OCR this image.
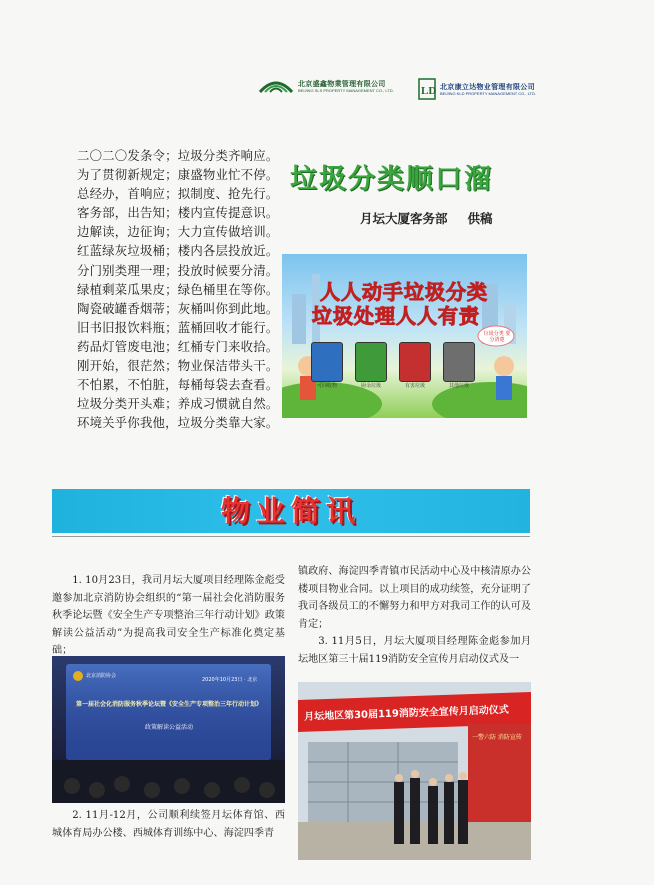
北京盛鑫物業管理有限公司
BEIJING SLS PROPERTY MANAGEMENT CO., LTD. LD 北京康立达物业管理有限公司
BEIJING KLD PROPERTY MANAGEMENT CO., LTD.
二〇二〇发条令；垃圾分类齐响应。
为了贯彻新规定；康盛物业忙不停。
总经办，首响应；拟制度、抢先行。
客务部，出告知；楼内宣传提意识。
边解读，边征询；大力宣传做培训。
红蓝绿灰垃圾桶；楼内各层投放近。
分门别类理一理；投放时候要分清。
绿植剩菜瓜果皮；绿色桶里在等你。
陶瓷破罐香烟蒂；灰桶叫你到此地。
旧书旧报饮料瓶；蓝桶回收才能行。
药品灯管废电池；红桶专门来收拾。
刚开始，很茫然；物业保洁带头干。
不怕累，不怕脏，每桶每袋去查看。
垃圾分类开头难；养成习惯就自然。
环境关乎你我他，垃圾分类靠大家。
垃圾分类顺口溜
月坛大厦客务部 供稿
人人动手垃圾分类
垃圾处理人人有责
垃圾分类 要分清楚
可回收物	厨余垃圾	有害垃圾	其他垃圾
物业简讯

1. 10月23日，我司月坛大厦项目经理陈金彪受邀参加北京消防协会组织的“第一届社会化消防服务秋季论坛暨《安全生产专项整治三年行动计划》政策解读公益活动”为提高我司安全生产标准化奠定基础；

北京消防协会
2020年10月23日 · 北京
第一届社会化消防服务秋季论坛暨《安全生产专项整治三年行动计划》
政策解读公益活动

2. 11月-12月，公司顺利续签月坛体育馆、西城体育局办公楼、西城体育训练中心、海淀四季青

镇政府、海淀四季青镇市民活动中心及中核清原办公楼项目物业合同。以上项目的成功续签，充分证明了我司各级员工的不懈努力和甲方对我司工作的认可及肯定；

3. 11月5日，月坛大厦项目经理陈金彪参加月坛地区第三十届119消防安全宣传月启动仪式及一

月坛地区第30届119消防安全宣传月启动仪式
一警六防 消防宣传
